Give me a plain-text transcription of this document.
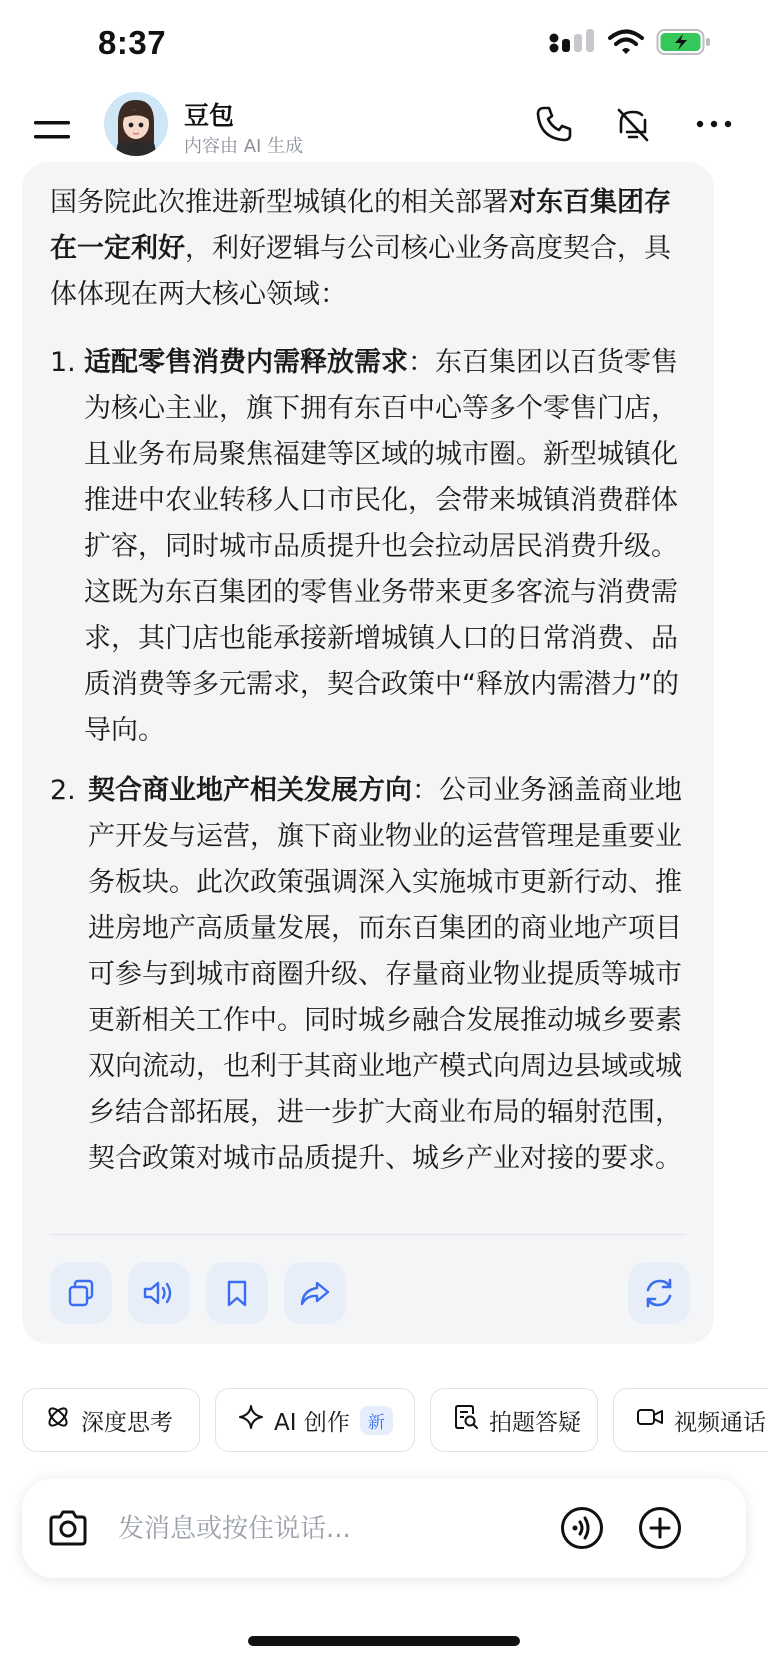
8:37
豆包
内容由 AI 生成

国务院此次推进新型城镇化的相关部署对东百集团存在一定利好，利好逻辑与公司核心业务高度契合，具体体现在两大核心领域：

1. 适配零售消费内需释放需求：东百集团以百货零售为核心主业，旗下拥有东百中心等多个零售门店，且业务布局聚焦福建等区域的城市圈。新型城镇化推进中农业转移人口市民化，会带来城镇消费群体扩容，同时城市品质提升也会拉动居民消费升级。这既为东百集团的零售业务带来更多客流与消费需求，其门店也能承接新增城镇人口的日常消费、品质消费等多元需求，契合政策中“释放内需潜力”的导向。
2. 契合商业地产相关发展方向：公司业务涵盖商业地产开发与运营，旗下商业物业的运营管理是重要业务板块。此次政策强调深入实施城市更新行动、推进房地产高质量发展，而东百集团的商业地产项目可参与到城市商圈升级、存量商业物业提质等城市更新相关工作中。同时城乡融合发展推动城乡要素双向流动，也利于其商业地产模式向周边县域或城乡结合部拓展，进一步扩大商业布局的辐射范围，契合政策对城市品质提升、城乡产业对接的要求。
深度思考	AI 创作	新	拍题答疑	视频通话
发消息或按住说话...
